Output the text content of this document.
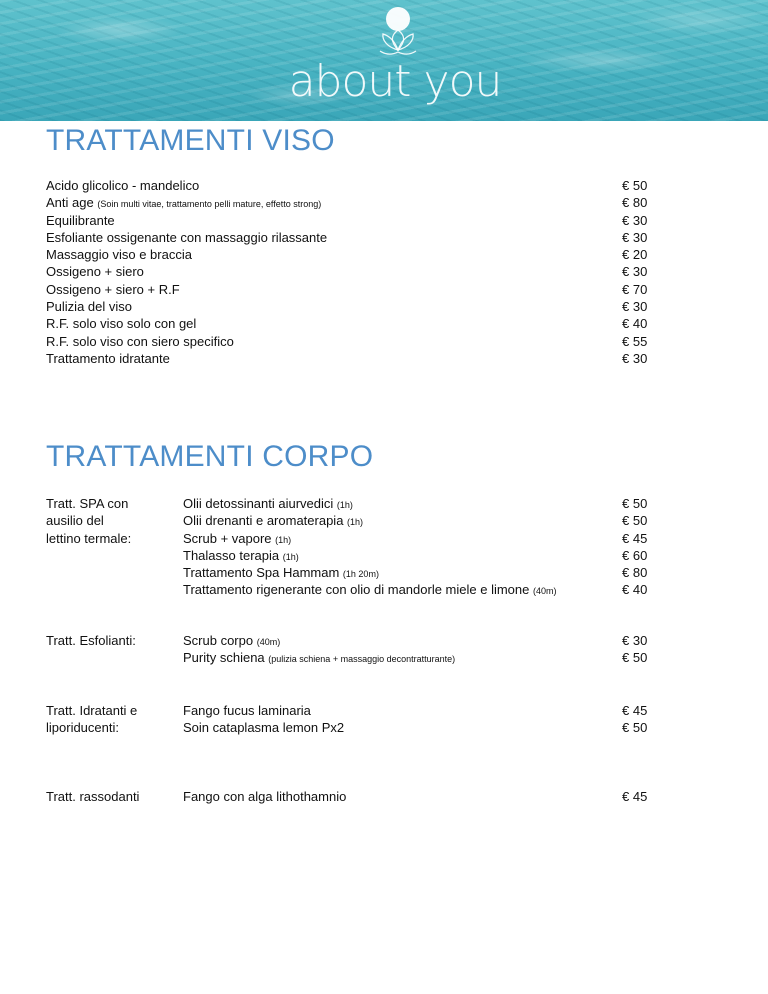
about you
TRATTAMENTI VISO
Acido glicolico - mandelico	€ 50
Anti age (Soin multi vitae, trattamento pelli mature, effetto strong)	€ 80
Equilibrante	€ 30
Esfoliante ossigenante con massaggio rilassante	€ 30
Massaggio viso e braccia	€ 20
Ossigeno + siero	€ 30
Ossigeno + siero + R.F	€ 70
Pulizia del viso	€ 30
R.F. solo viso solo con gel	€ 40
R.F. solo viso con siero specifico	€ 55
Trattamento idratante	€ 30
TRATTAMENTI CORPO
Tratt. SPA con
ausilio del
lettino termale:
Olii detossinanti aiurvedici (1h)	€ 50
Olii drenanti e aromaterapia (1h)	€ 50
Scrub + vapore (1h)	€ 45
Thalasso terapia (1h)	€ 60
Trattamento Spa Hammam (1h 20m)	€ 80
Trattamento rigenerante con olio di mandorle miele e limone (40m)	€ 40
Tratt. Esfolianti:	Scrub corpo (40m)	€ 30
Purity schiena (pulizia schiena + massaggio decontratturante)	€ 50
Tratt. Idratanti e
liporiducenti:
Fango fucus laminaria	€ 45
Soin cataplasma lemon Px2	€ 50
Tratt. rassodanti	Fango con alga lithothamnio	€ 45
